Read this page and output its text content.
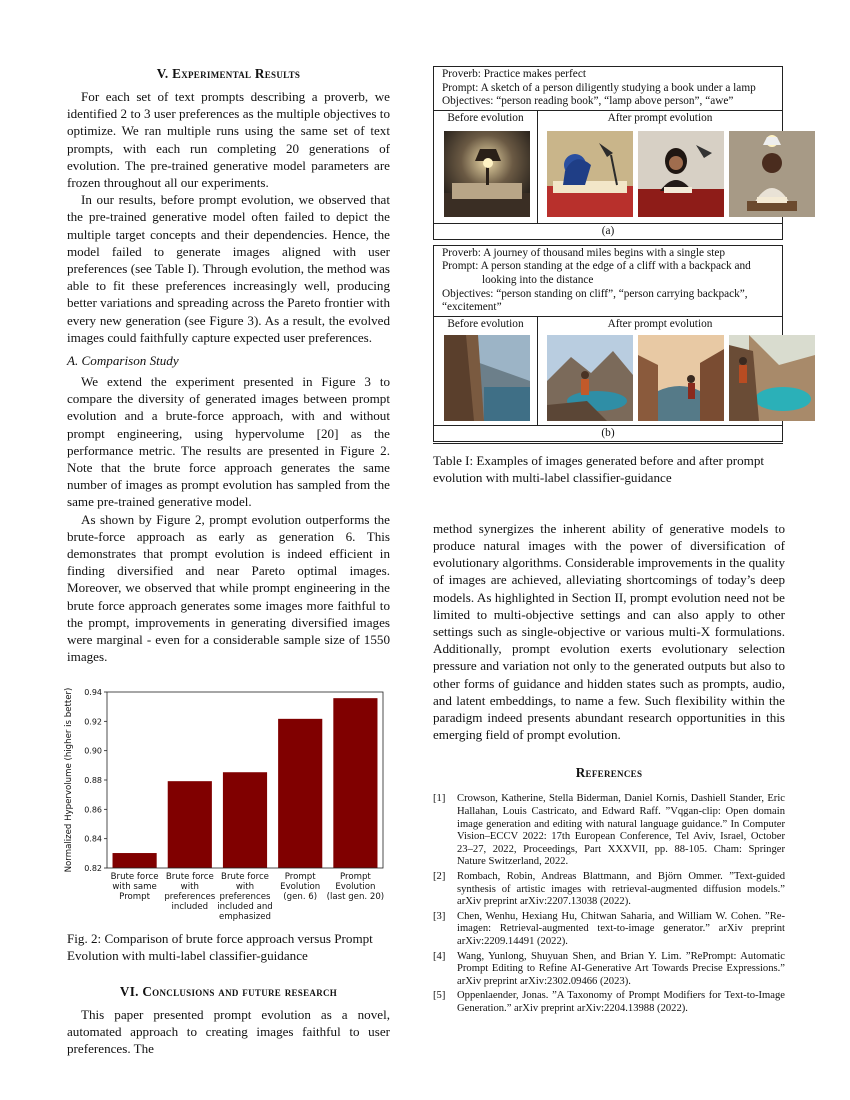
V. Experimental Results

For each set of text prompts describing a proverb, we identified 2 to 3 user preferences as the multiple objectives to optimize. We ran multiple runs using the same set of text prompts, with each run completing 20 generations of evolution. The pre-trained generative model parameters are frozen throughout all our experiments.

In our results, before prompt evolution, we observed that the pre-trained generative model often failed to depict the multiple target concepts and their dependencies. Hence, the model failed to generate images aligned with user preferences (see Table I). Through evolution, the method was able to fit these preferences increasingly well, producing better variations and spreading across the Pareto frontier with every new generation (see Figure 3). As a result, the evolved images could faithfully capture expected user preferences.

A. Comparison Study

We extend the experiment presented in Figure 3 to compare the diversity of generated images between prompt evolution and a brute-force approach, with and without prompt engineering, using hypervolume [20] as the performance metric. The results are presented in Figure 2. Note that the brute force approach generates the same number of images as prompt evolution has sampled from the same pre-trained generative model.

As shown by Figure 2, prompt evolution outperforms the brute-force approach as early as generation 6. This demonstrates that prompt evolution is indeed efficient in finding diversified and near Pareto optimal images. Moreover, we observed that while prompt engineering in the brute force approach generates some images more faithful to the prompt, improvements in generating diversified images were marginal - even for a considerable sample size of 1550 images.

Brute force
with same
Prompt
Brute force
with
preferences
included
Brute force
with
preferences
included and
emphasized
Prompt
Evolution
(gen. 6)
Prompt
Evolution
(last gen. 20)
0.82
0.84
0.86
0.88
0.90
0.92
0.94
Normalized Hypervolume (higher is better)

Fig. 2: Comparison of brute force approach versus Prompt Evolution with multi-label classifier-guidance

VI. Conclusions and future research

This paper presented prompt evolution as a novel, automated approach to creating images faithful to user preferences. The

Proverb: Practice makes perfect
Prompt: A sketch of a person diligently studying a book under a lamp
Objectives: “person reading book”, “lamp above person”, “awe”
Before evolution	After prompt evolution
(a)
Proverb: A journey of thousand miles begins with a single step
Prompt: A person standing at the edge of a cliff with a backpack and
looking into the distance
Objectives: “person standing on cliff”, “person carrying backpack”, “excitement”
Before evolution	After prompt evolution
(b)

Table I: Examples of images generated before and after prompt evolution with multi-label classifier-guidance

method synergizes the inherent ability of generative models to produce natural images with the power of diversification of evolutionary algorithms. Considerable improvements in the quality of images are achieved, alleviating shortcomings of today’s deep models. As highlighted in Section II, prompt evolution need not be limited to multi-objective settings and can also apply to other settings such as single-objective or various multi-X formulations. Additionally, prompt evolution exerts evolutionary selection pressure and variation not only to the generated outputs but also to other forms of guidance and hidden states such as prompts, audio, and latent embeddings, to name a few. Such flexibility within the paradigm indeed presents abundant research opportunities in this emerging field of prompt evolution.

References
[1]	Crowson, Katherine, Stella Biderman, Daniel Kornis, Dashiell Stander, Eric Hallahan, Louis Castricato, and Edward Raff. ”Vqgan-clip: Open domain image generation and editing with natural language guidance.” In Computer Vision–ECCV 2022: 17th European Conference, Tel Aviv, Israel, October 23–27, 2022, Proceedings, Part XXXVII, pp. 88-105. Cham: Springer Nature Switzerland, 2022.
[2]	Rombach, Robin, Andreas Blattmann, and Björn Ommer. ”Text-guided synthesis of artistic images with retrieval-augmented diffusion models.” arXiv preprint arXiv:2207.13038 (2022).
[3]	Chen, Wenhu, Hexiang Hu, Chitwan Saharia, and William W. Cohen. ”Re-imagen: Retrieval-augmented text-to-image generator.” arXiv preprint arXiv:2209.14491 (2022).
[4]	Wang, Yunlong, Shuyuan Shen, and Brian Y. Lim. ”RePrompt: Automatic Prompt Editing to Refine AI-Generative Art Towards Precise Expressions.” arXiv preprint arXiv:2302.09466 (2023).
[5]	Oppenlaender, Jonas. ”A Taxonomy of Prompt Modifiers for Text-to-Image Generation.” arXiv preprint arXiv:2204.13988 (2022).
